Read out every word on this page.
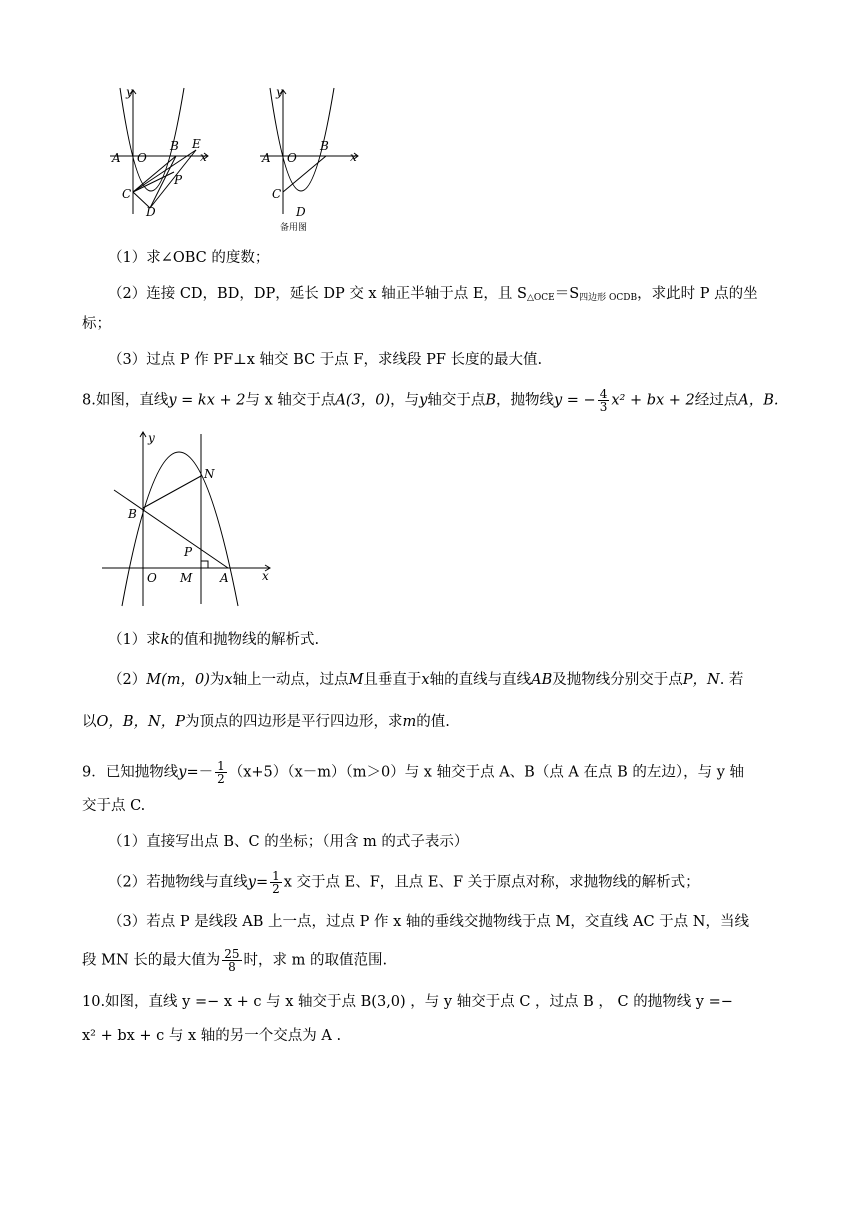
y
x
A O
B E
P
C
D
y
x
A O
B
C
D
备用图
（1）求∠OBC 的度数；
（2）连接 CD，BD，DP，延长 DP 交 x 轴正半轴于点 E，且 $S_{\triangle OCE}=S_{四边形 OCDB}$，求此时 P 点的坐
标；
（3）过点 P 作 PF⊥x 轴交 BC 于点 F，求线段 PF 长度的最大值.
8.如图，直线y = kx + 2与 x 轴交于点A(3，0)，与y轴交于点B，抛物线y = − $\frac{4}{3} x^2$ + bx + 2经过点A，B.
y
x
N
B
P
O M A
（1）求k的值和抛物线的解析式.
（2）M(m，0)为x轴上一动点，过点M且垂直于x轴的直线与直线AB及抛物线分别交于点P，N. 若
以O，B，N，P为顶点的四边形是平行四边形，求m的值.
9．已知抛物线$y=- \frac{1}{2} (x+5)(x-m)(m>0)$与 x 轴交于点 A、B（点 A 在点 B 的左边），与 y 轴
交于点 C.
（1）直接写出点 B、C 的坐标；（用含 m 的式子表示）
（2）若抛物线与直线$y= \frac{1}{2}$ x 交于点 E、F，且点 E、F 关于原点对称，求抛物线的解析式；
（3）若点 P 是线段 AB 上一点，过点 P 作 x 轴的垂线交抛物线于点 M，交直线 AC 于点 N，当线
段 MN 长的最大值为 $\frac{25}{8}$ 时，求 m 的取值范围.
10.如图，直线 y =− x + c 与 x 轴交于点 B(3,0) ，与 y 轴交于点 C ，过点 B ， C 的抛物线 y =−
x² + bx + c 与 x 轴的另一个交点为 A .
